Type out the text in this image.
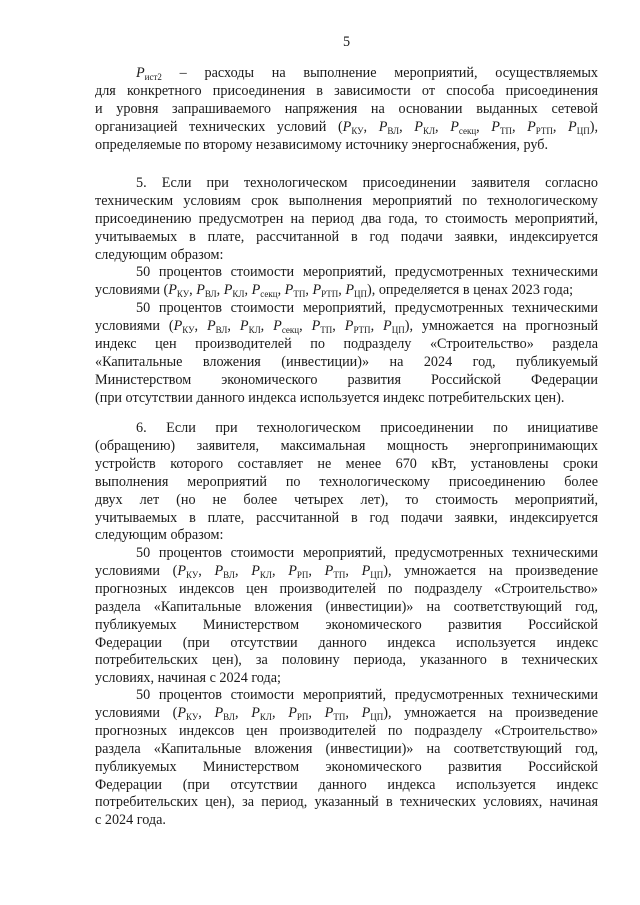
5
$P_{ист2}$ – расходы на выполнение мероприятий, осуществляемых
для конкретного присоединения в зависимости от способа присоединения
и уровня запрашиваемого напряжения на основании выданных сетевой
организацией технических условий ($P_{КУ}$, $P_{ВЛ}$, $P_{КЛ}$, $P_{секц}$, $P_{ТП}$, $P_{РТП}$, $P_{ЦП}$),
определяемые по второму независимому источнику энергоснабжения, руб.
5. Если при технологическом присоединении заявителя согласно
техническим условиям срок выполнения мероприятий по технологическому
присоединению предусмотрен на период два года, то стоимость мероприятий,
учитываемых в плате, рассчитанной в год подачи заявки, индексируется
следующим образом:
50 процентов стоимости мероприятий, предусмотренных техническими
условиями ($P_{КУ}$, $P_{ВЛ}$, $P_{КЛ}$, $P_{секц}$, $P_{ТП}$, $P_{РТП}$, $P_{ЦП}$), определяется в ценах 2023 года;
50 процентов стоимости мероприятий, предусмотренных техническими
условиями ($P_{КУ}$, $P_{ВЛ}$, $P_{КЛ}$, $P_{секц}$, $P_{ТП}$, $P_{РТП}$, $P_{ЦП}$), умножается на прогнозный
индекс цен производителей по подразделу «Строительство» раздела
«Капитальные вложения (инвестиции)» на 2024 год, публикуемый
Министерством экономического развития Российской Федерации
(при отсутствии данного индекса используется индекс потребительских цен).
6. Если при технологическом присоединении по инициативе
(обращению) заявителя, максимальная мощность энергопринимающих
устройств которого составляет не менее 670 кВт, установлены сроки
выполнения мероприятий по технологическому присоединению более
двух лет (но не более четырех лет), то стоимость мероприятий,
учитываемых в плате, рассчитанной в год подачи заявки, индексируется
следующим образом:
50 процентов стоимости мероприятий, предусмотренных техническими
условиями ($P_{КУ}$, $P_{ВЛ}$, $P_{КЛ}$, $P_{РП}$, $P_{ТП}$, $P_{ЦП}$), умножается на произведение
прогнозных индексов цен производителей по подразделу «Строительство»
раздела «Капитальные вложения (инвестиции)» на соответствующий год,
публикуемых Министерством экономического развития Российской
Федерации (при отсутствии данного индекса используется индекс
потребительских цен), за половину периода, указанного в технических
условиях, начиная с 2024 года;
50 процентов стоимости мероприятий, предусмотренных техническими
условиями ($P_{КУ}$, $P_{ВЛ}$, $P_{КЛ}$, $P_{РП}$, $P_{ТП}$, $P_{ЦП}$), умножается на произведение
прогнозных индексов цен производителей по подразделу «Строительство»
раздела «Капитальные вложения (инвестиции)» на соответствующий год,
публикуемых Министерством экономического развития Российской
Федерации (при отсутствии данного индекса используется индекс
потребительских цен), за период, указанный в технических условиях, начиная
с 2024 года.
